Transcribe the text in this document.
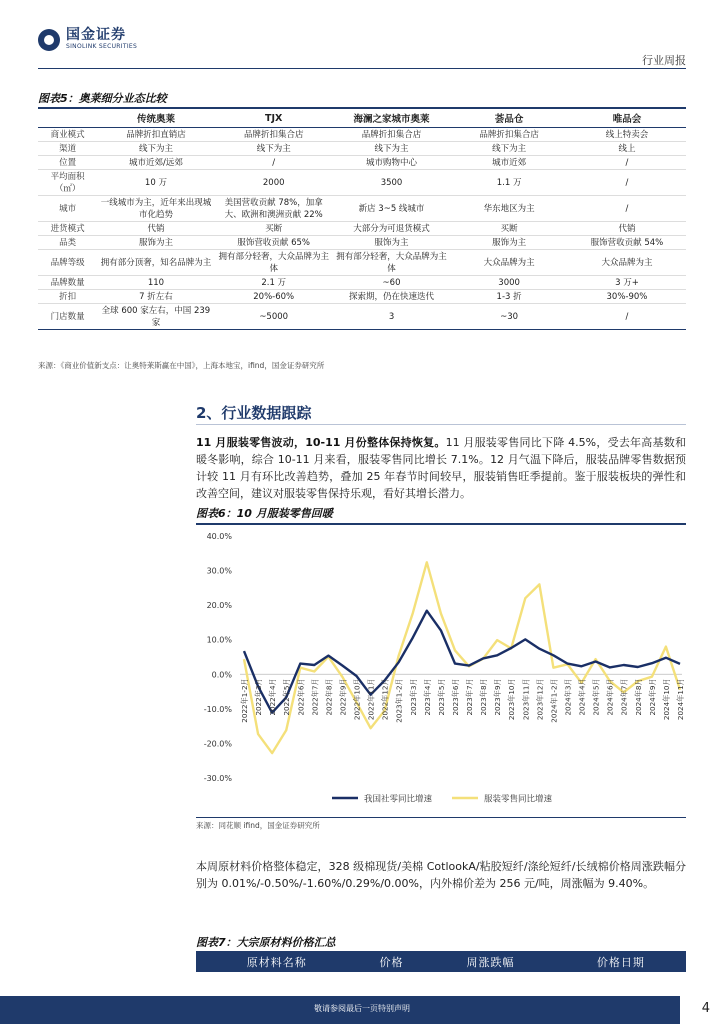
国金证券
SINOLINK SECURITIES
行业周报
图表5：奥莱细分业态比较
	传统奥莱	TJX	海澜之家城市奥莱	荟品仓	唯品会
商业模式	品牌折扣直销店	品牌折扣集合店	品牌折扣集合店	品牌折扣集合店	线上特卖会
渠道	线下为主	线下为主	线下为主	线下为主	线上
位置	城市近郊/远郊	/	城市购物中心	城市近郊	/
平均面积（㎡）	10 万	2000	3500	1.1 万	/
城市	一线城市为主，近年来出现城市化趋势	美国营收贡献 78%，加拿大、欧洲和澳洲贡献 22%	新店 3~5 线城市	华东地区为主	/
进货模式	代销	买断	大部分为可退货模式	买断	代销
品类	服饰为主	服饰营收贡献 65%	服饰为主	服饰为主	服饰营收贡献 54%
品牌等级	拥有部分顶奢，知名品牌为主	拥有部分轻奢，大众品牌为主体	拥有部分轻奢，大众品牌为主体	大众品牌为主	大众品牌为主
品牌数量	110	2.1 万	~60	3000	3 万+
折扣	7 折左右	20%-60%	探索期，仍在快速迭代	1-3 折	30%-90%
门店数量	全球 600 家左右，中国 239 家	~5000	3	~30	/
来源：《商业价值新支点：让奥特莱斯赢在中国》，上海本地宝，ifind，国金证券研究所
2、行业数据跟踪
11 月服装零售波动，10-11 月份整体保持恢复。11 月服装零售同比下降 4.5%，受去年高基数和暖冬影响，综合 10-11 月来看，服装零售同比增长 7.1%。12 月气温下降后，服装品牌零售数据预计较 11 月有环比改善趋势，叠加 25 年春节时间较早，服装销售旺季提前。鉴于服装板块的弹性和改善空间，建议对服装零售保持乐观，看好其增长潜力。
图表6：10 月服装零售回暖
40.0%
30.0%
20.0%
10.0%
0.0%
-10.0%
-20.0%
-30.0%
2022年1-2月 2022年3月 2022年4月 2022年5月 2022年6月 2022年7月 2022年8月 2022年9月 2022年10月 2022年11月 2022年12月 2023年1-2月 2023年3月 2023年4月 2023年5月 2023年6月 2023年7月 2023年8月 2023年9月 2023年10月 2023年11月 2023年12月 2024年1-2月 2024年3月 2024年4月 2024年5月 2024年6月 2024年7月 2024年8月 2024年9月 2024年10月 2024年11月
我国社零同比增速	服装零售同比增速
来源：同花顺 ifind，国金证券研究所
本周原材料价格整体稳定，328 级棉现货/美棉 CotlookA/粘胶短纤/涤纶短纤/长绒棉价格周涨跌幅分别为 0.01%/-0.50%/-1.60%/0.29%/0.00%，内外棉价差为 256 元/吨，周涨幅为 9.40%。
图表7：大宗原材料价格汇总
原材料名称	价格	周涨跌幅	价格日期
敬请参阅最后一页特别声明	4
